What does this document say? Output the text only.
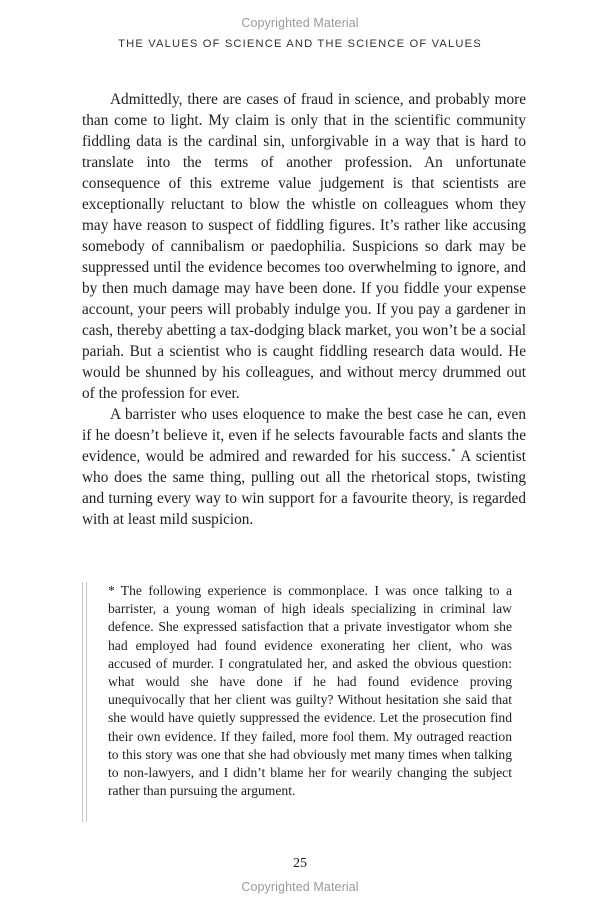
Copyrighted Material
THE VALUES OF SCIENCE AND THE SCIENCE OF VALUES

Admittedly, there are cases of fraud in science, and probably more than come to light. My claim is only that in the scientific community fiddling data is the cardinal sin, unforgivable in a way that is hard to translate into the terms of another profession. An unfortunate consequence of this extreme value judgement is that scientists are exceptionally reluctant to blow the whistle on colleagues whom they may have reason to suspect of fiddling figures. It’s rather like accusing somebody of cannibalism or paedophilia. Suspicions so dark may be suppressed until the evidence becomes too overwhelming to ignore, and by then much damage may have been done. If you fiddle your expense account, your peers will probably indulge you. If you pay a gardener in cash, thereby abetting a tax-dodging black market, you won’t be a social pariah. But a scientist who is caught fiddling research data would. He would be shunned by his colleagues, and without mercy drummed out of the profession for ever.

A barrister who uses eloquence to make the best case he can, even if he doesn’t believe it, even if he selects favourable facts and slants the evidence, would be admired and rewarded for his success.* A scientist who does the same thing, pulling out all the rhetorical stops, twisting and turning every way to win support for a favourite theory, is regarded with at least mild suspicion.

* The following experience is commonplace. I was once talking to a barrister, a young woman of high ideals specializing in criminal law defence. She expressed satisfaction that a private investigator whom she had employed had found evidence exonerating her client, who was accused of murder. I congratulated her, and asked the obvious question: what would she have done if he had found evidence proving unequivocally that her client was guilty? Without hesitation she said that she would have quietly suppressed the evidence. Let the prosecution find their own evidence. If they failed, more fool them. My outraged reaction to this story was one that she had obviously met many times when talking to non-lawyers, and I didn’t blame her for wearily changing the subject rather than pursuing the argument.

25
Copyrighted Material
